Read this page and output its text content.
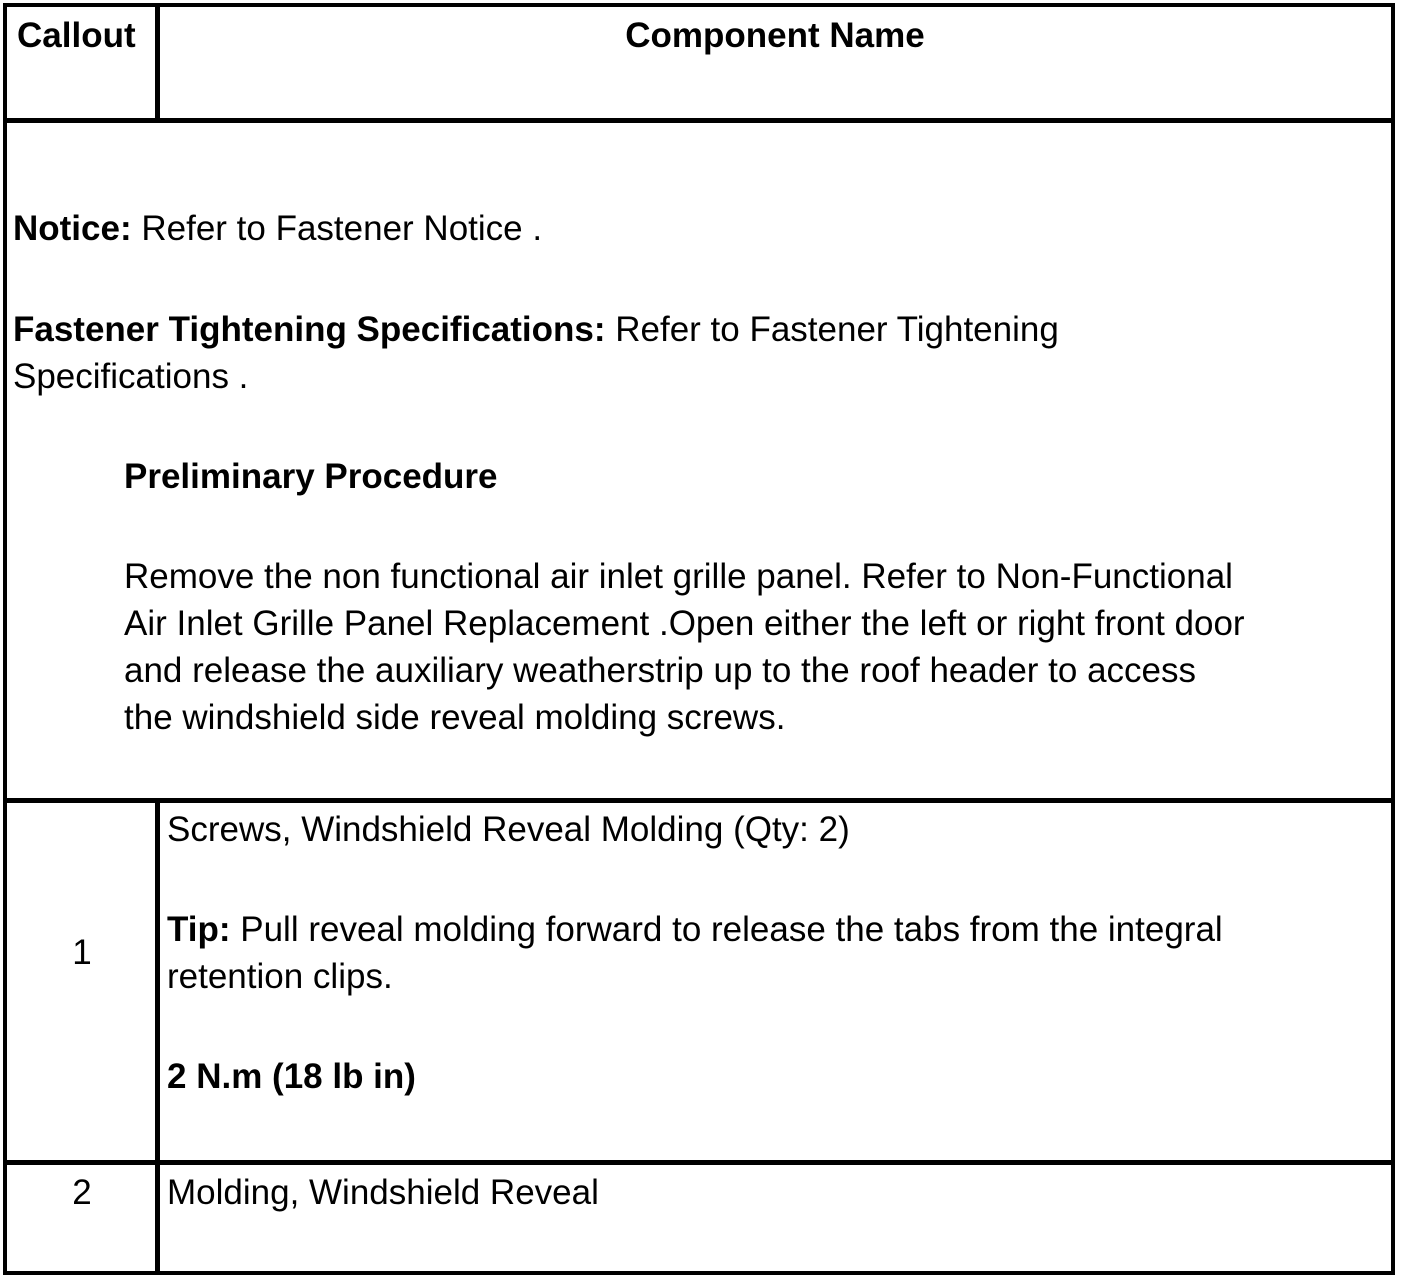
Callout	Component Name
Notice: Refer to Fastener Notice .
Fastener Tightening Specifications: Refer to Fastener Tightening
Specifications .
Preliminary Procedure
Remove the non functional air inlet grille panel. Refer to Non-Functional
Air Inlet Grille Panel Replacement .Open either the left or right front door
and release the auxiliary weatherstrip up to the roof header to access
the windshield side reveal molding screws.
1
Screws, Windshield Reveal Molding (Qty: 2)
Tip: Pull reveal molding forward to release the tabs from the integral
retention clips.
2 N.m (18 lb in)
2	Molding, Windshield Reveal
